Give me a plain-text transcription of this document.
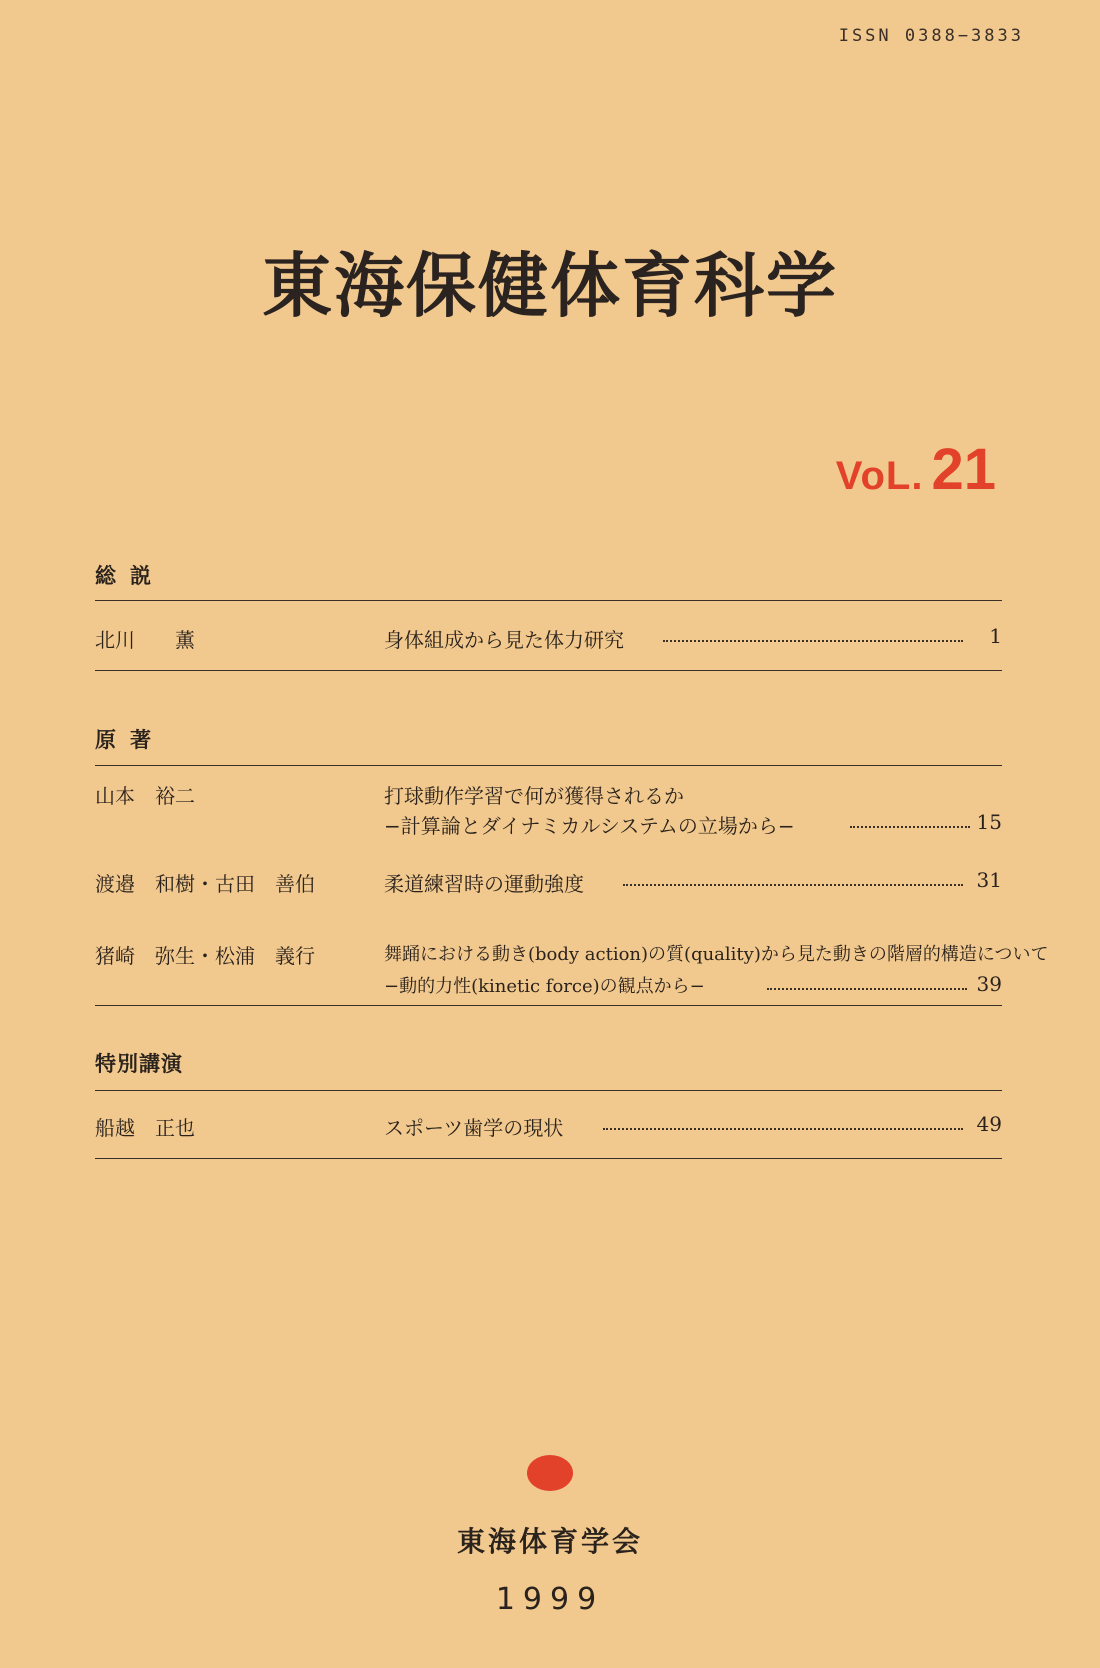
ISSN 0388−3833
東海保健体育科学
VoL. 21
総説
北川　　薫	身体組成から見た体力研究	1
原著
山本　裕二	打球動作学習で何が獲得されるか
−計算論とダイナミカルシステムの立場から−	15
渡邉　和樹・古田　善伯	柔道練習時の運動強度	31
猪崎　弥生・松浦　義行	舞踊における動き(body action)の質(quality)から見た動きの階層的構造について
−動的力性(kinetic force)の観点から−	39
特別講演
船越　正也	スポーツ歯学の現状	49
東海体育学会
1999
